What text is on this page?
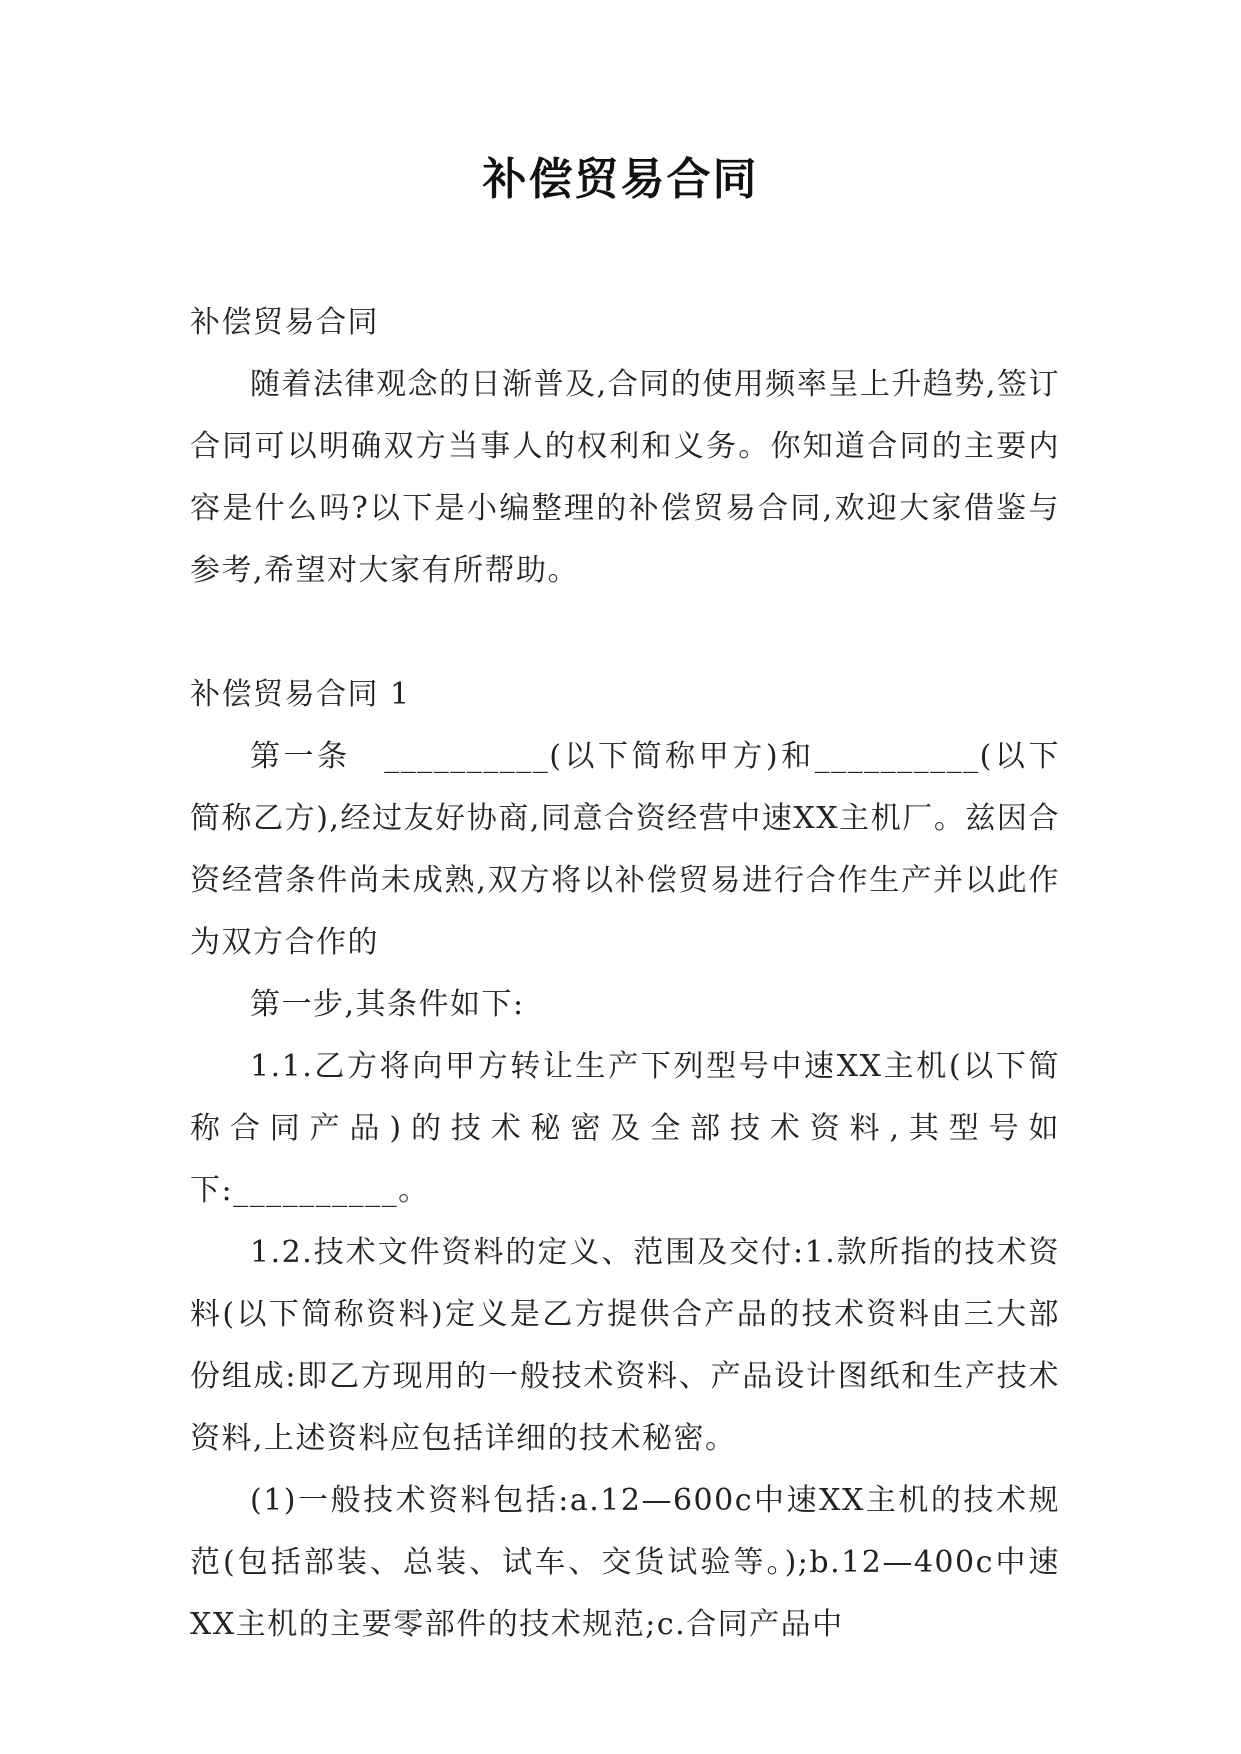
补偿贸易合同

补偿贸易合同

随着法律观念的日渐普及,合同的使用频率呈上升趋势,签订合同可以明确双方当事人的权利和义务。你知道合同的主要内容是什么吗?以下是小编整理的补偿贸易合同,欢迎大家借鉴与参考,希望对大家有所帮助。

补偿贸易合同 1

第一条　__________(以下简称甲方)和__________(以下简称乙方),经过友好协商,同意合资经营中速XX主机厂。兹因合资经营条件尚未成熟,双方将以补偿贸易进行合作生产并以此作为双方合作的

第一步,其条件如下:

1.1.乙方将向甲方转让生产下列型号中速XX主机(以下简称合同产品)的技术秘密及全部技术资料,其型号如下:__________。

1.2.技术文件资料的定义、范围及交付:1.款所指的技术资料(以下简称资料)定义是乙方提供合产品的技术资料由三大部份组成:即乙方现用的一般技术资料、产品设计图纸和生产技术资料,上述资料应包括详细的技术秘密。

(1)一般技术资料包括:a.12—600c中速XX主机的技术规范(包括部装、总装、试车、交货试验等。);b.12—400c中速XX主机的主要零部件的技术规范;c.合同产品中
